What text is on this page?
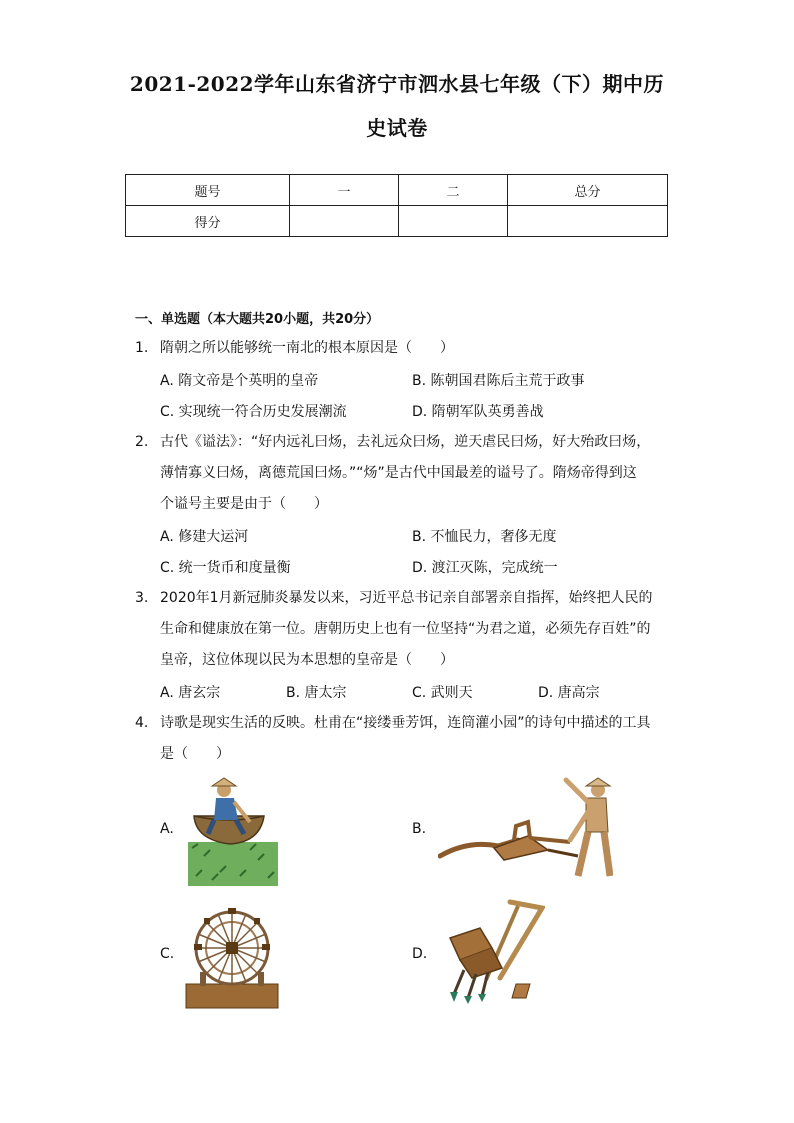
2021-2022学年山东省济宁市泗水县七年级（下）期中历
史试卷
题号	一	二	总分
得分			
一、单选题（本大题共20小题，共20分）
1. 隋朝之所以能够统一南北的根本原因是（　　）
A. 隋文帝是个英明的皇帝	B. 陈朝国君陈后主荒于政事
C. 实现统一符合历史发展潮流	D. 隋朝军队英勇善战
2. 古代《谥法》：“好内远礼曰炀，去礼远众曰炀，逆天虐民曰炀，好大殆政曰炀，
薄情寡义曰炀，离德荒国曰炀。”“炀”是古代中国最差的谥号了。隋炀帝得到这
个谥号主要是由于（　　）
A. 修建大运河	B. 不恤民力，奢侈无度
C. 统一货币和度量衡	D. 渡江灭陈，完成统一
3. 2020年1月新冠肺炎暴发以来，习近平总书记亲自部署亲自指挥，始终把人民的
生命和健康放在第一位。唐朝历史上也有一位坚持“为君之道，必须先存百姓”的
皇帝，这位体现以民为本思想的皇帝是（　　）
A. 唐玄宗	B. 唐太宗	C. 武则天	D. 唐高宗
4. 诗歌是现实生活的反映。杜甫在“接缕垂芳饵，连筒灌小园”的诗句中描述的工具
是（　　）
A.	B.
C.	D.
